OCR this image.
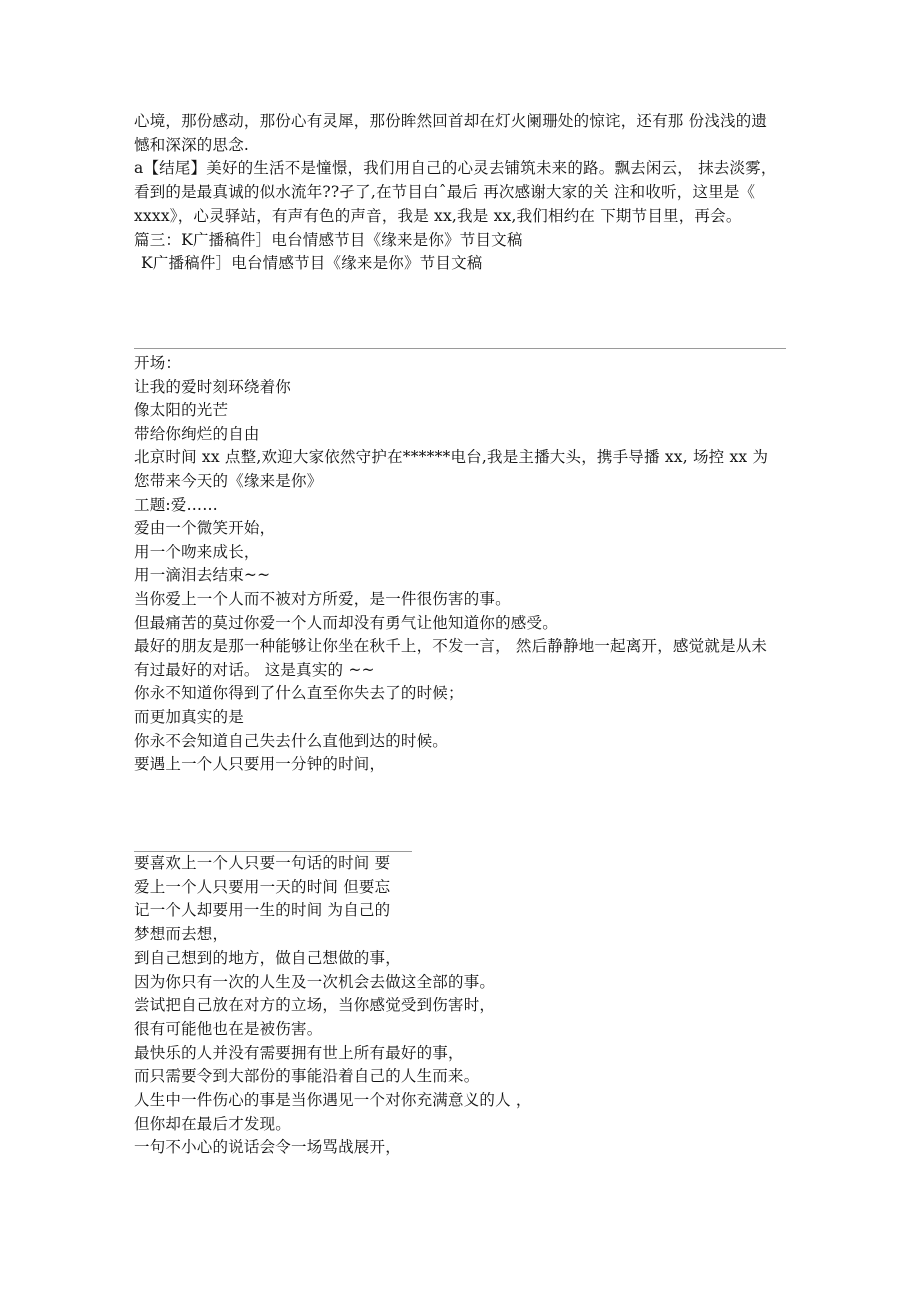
心境，那份感动，那份心有灵犀，那份眸然回首却在灯火阑珊处的惊诧，还有那 份浅浅的遗
憾和深深的思念.
a【结尾】美好的生活不是憧憬，我们用自己的心灵去铺筑未来的路。飘去闲云， 抹去淡雾，
看到的是最真诚的似水流年??孑了,在节目白ˆ最后 再次感谢大家的关 注和收听，这里是《
xxxx》，心灵驿站，有声有色的声音，我是 xx,我是 xx,我们相约在 下期节目里，再会。
篇三：K广播稿件］电台情感节目《缘来是你》节目文稿
K广播稿件］电台情感节目《缘来是你》节目文稿
开场：
让我的爱时刻环绕着你
像太阳的光芒
带给你绚烂的自由
北京时间 xx 点整,欢迎大家依然守护在******电台,我是主播大头，携手导播 xx, 场控 xx 为
您带来今天的《缘来是你》
工题:爱……
爱由一个微笑开始，
用一个吻来成长，
用一滴泪去结束~~
当你爱上一个人而不被对方所爱，是一件很伤害的事。
但最痛苦的莫过你爱一个人而却没有勇气让他知道你的感受。
最好的朋友是那一种能够让你坐在秋千上，不发一言， 然后静静地一起离开，感觉就是从未
有过最好的对话。 这是真实的 ~~
你永不知道你得到了什么直至你失去了的时候；
而更加真实的是
你永不会知道自己失去什么直他到达的时候。
要遇上一个人只要用一分钟的时间，
要喜欢上一个人只要一句话的时间 要
爱上一个人只要用一天的时间 但要忘
记一个人却要用一生的时间 为自己的
梦想而去想，
到自己想到的地方，做自己想做的事，
因为你只有一次的人生及一次机会去做这全部的事。
尝试把自己放在对方的立场，当你感觉受到伤害时，
很有可能他也在是被伤害。
最快乐的人并没有需要拥有世上所有最好的事，
而只需要令到大部份的事能沿着自己的人生而来。
人生中一件伤心的事是当你遇见一个对你充满意义的人 ，
但你却在最后才发现。
一句不小心的说话会令一场骂战展开，
